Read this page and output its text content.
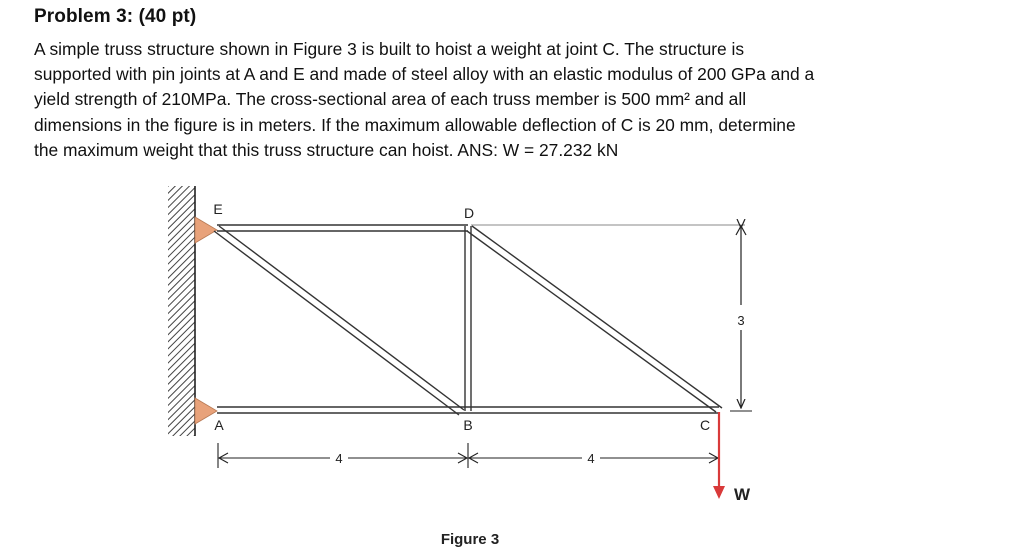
Problem 3: (40 pt)
A simple truss structure shown in Figure 3 is built to hoist a weight at joint C. The structure is
supported with pin joints at A and E and made of steel alloy with an elastic modulus of 200 GPa and a
yield strength of 210MPa. The cross-sectional area of each truss member is 500 mm² and all
dimensions in the figure is in meters. If the maximum allowable deflection of C is 20 mm, determine
the maximum weight that this truss structure can hoist. ANS: W = 27.232 kN
3
4	4
W
E	D
A	B	C
Figure 3
